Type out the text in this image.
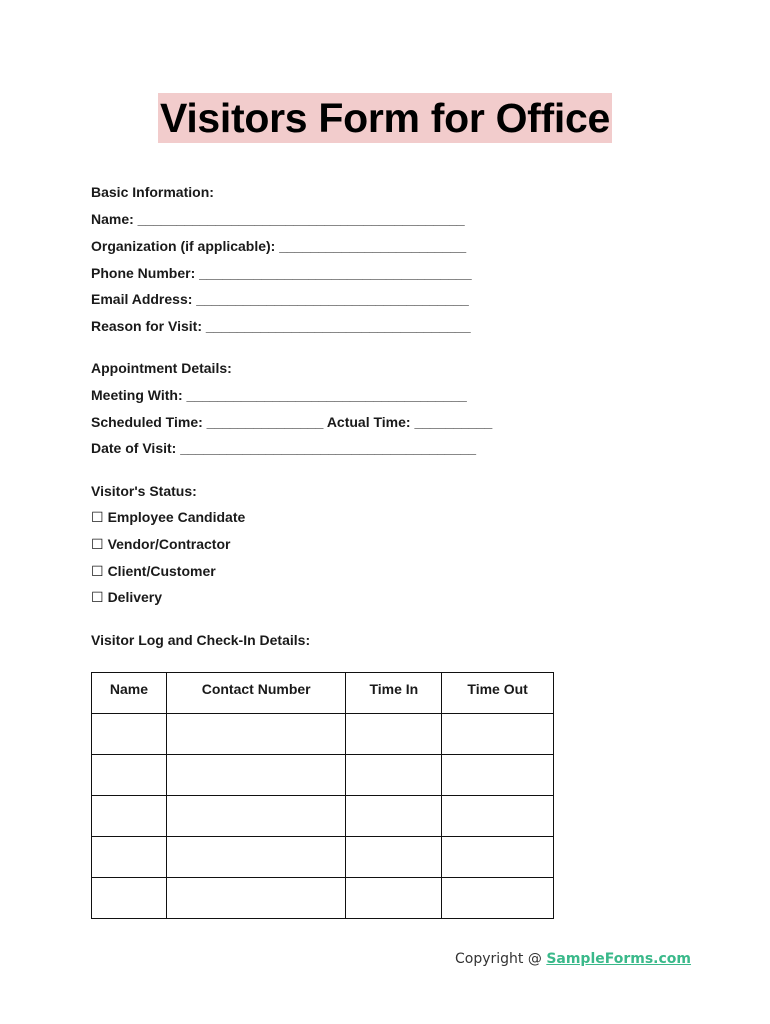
Visitors Form for Office
Basic Information:
Name: __________________________________________
Organization (if applicable): ________________________
Phone Number: ___________________________________
Email Address: ___________________________________
Reason for Visit: __________________________________
Appointment Details:
Meeting With: ____________________________________
Scheduled Time: _______________ Actual Time: __________
Date of Visit: ______________________________________
Visitor's Status:
☐ Employee Candidate
☐ Vendor/Contractor
☐ Client/Customer
☐ Delivery
Visitor Log and Check-In Details:
Name	Contact Number	Time In	Time Out

Copyright @ SampleForms.com
